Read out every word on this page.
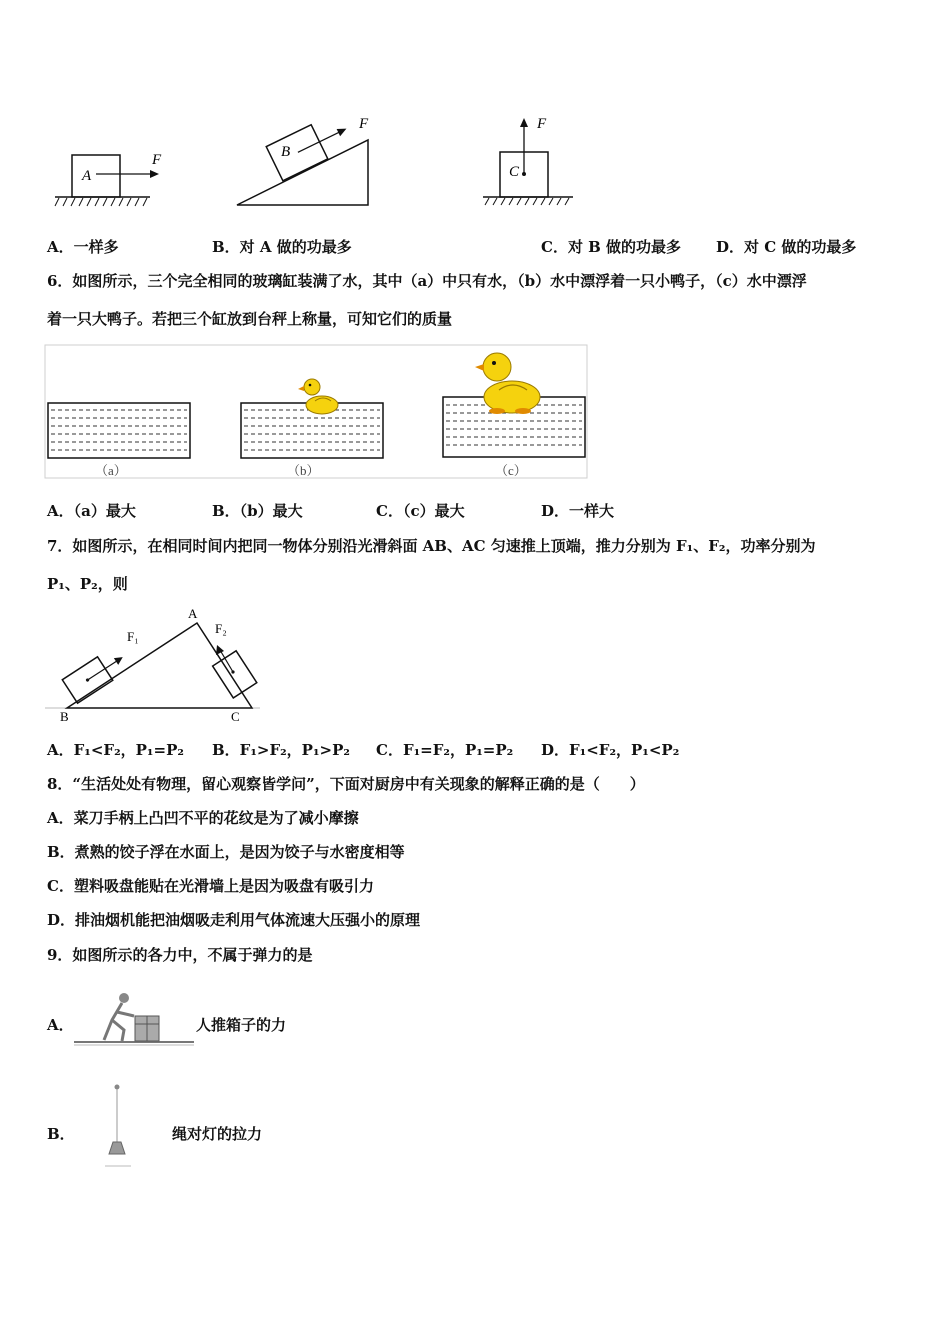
A
F	B
F
C
F
A．一样多	B．对 A 做的功最多	C．对 B 做的功最多 D．对 C 做的功最多
6．如图所示，三个完全相同的玻璃缸装满了水，其中（a）中只有水，（b）水中漂浮着一只小鸭子，（c）水中漂浮
着一只大鸭子。若把三个缸放到台秤上称量，可知它们的质量
（a）	（b）	（c）
A．（a）最大	B．（b）最大	C．（c）最大	D．一样大
7．如图所示，在相同时间内把同一物体分别沿光滑斜面 AB、AC 匀速推上顶端，推力分别为 F₁、F₂，功率分别为
P₁、P₂，则
A
B	C
F₁
F₂
A．F₁<F₂，P₁=P₂ B．F₁>F₂，P₁>P₂ C．F₁=F₂，P₁=P₂ D．F₁<F₂，P₁<P₂
8．“生活处处有物理，留心观察皆学问”，下面对厨房中有关现象的解释正确的是（　　）
A．菜刀手柄上凸凹不平的花纹是为了减小摩擦
B．煮熟的饺子浮在水面上，是因为饺子与水密度相等
C．塑料吸盘能贴在光滑墙上是因为吸盘有吸引力
D．排油烟机能把油烟吸走利用气体流速大压强小的原理
9．如图所示的各力中，不属于弹力的是
A．	人推箱子的力
B．	绳对灯的拉力
